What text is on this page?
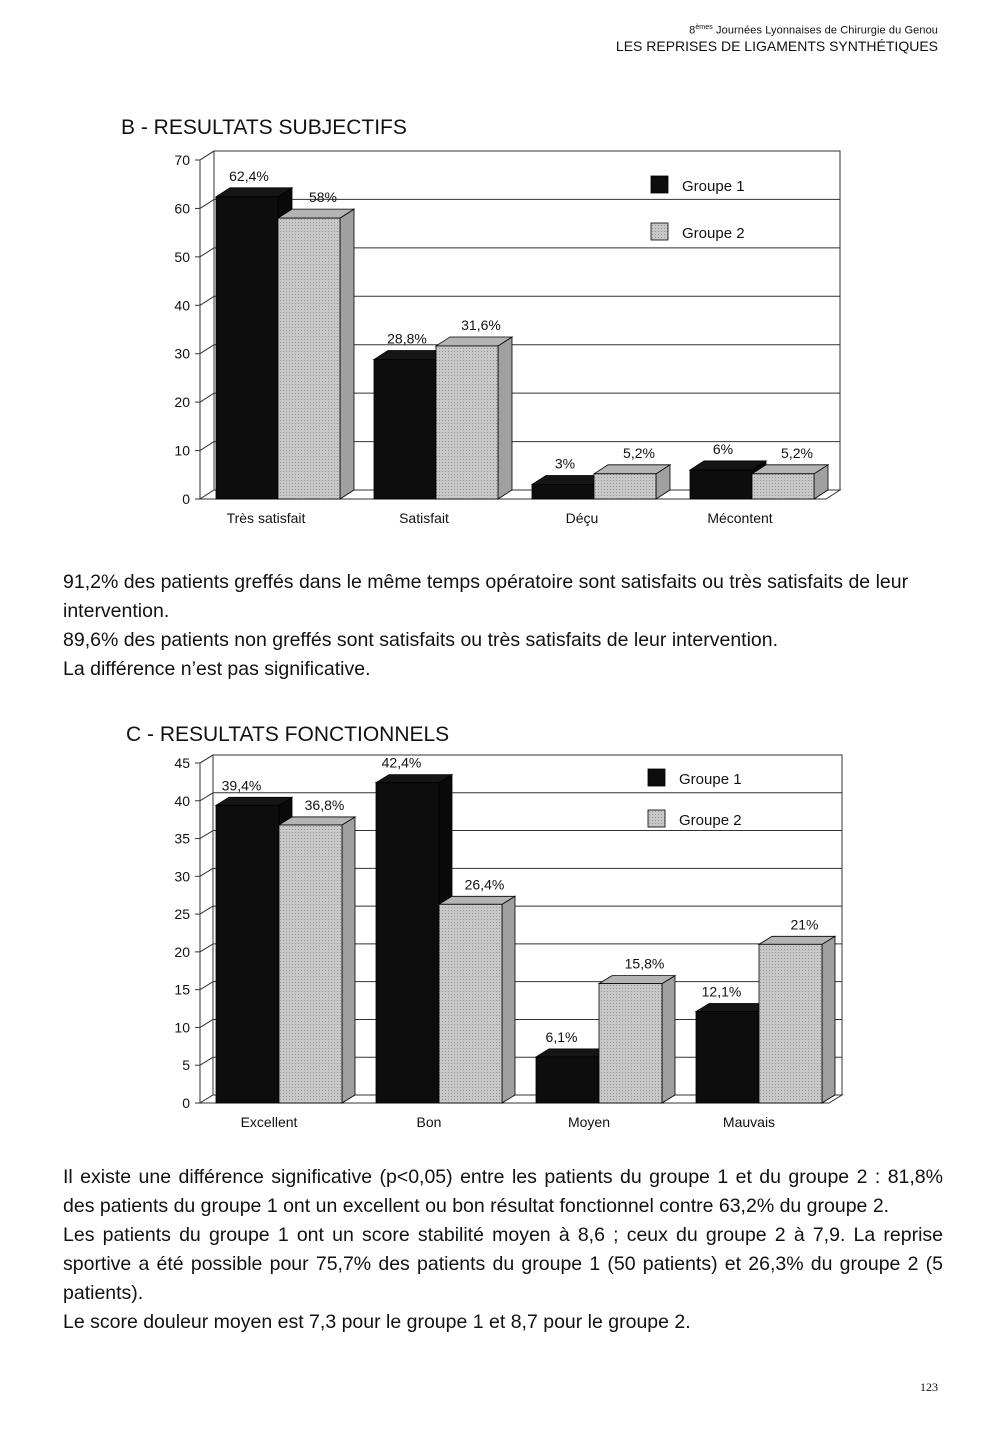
8èmes Journées Lyonnaises de Chirurgie du Genou
LES REPRISES DE LIGAMENTS SYNTHÉTIQUES
B - RESULTATS SUBJECTIFS
0
10
20
30
40
50
60
70
62,4%
58%
Très satisfait
28,8%
31,6%
Satisfait
3%
5,2%
Déçu
6%	5,2%
Mécontent
Groupe 1
Groupe 2

91,2% des patients greffés dans le même temps opératoire sont satisfaits ou très satisfaits de leur intervention.

89,6% des patients non greffés sont satisfaits ou très satisfaits de leur intervention.

La différence n’est pas significative.

C - RESULTATS FONCTIONNELS
0
5
10
15
20
25
30
35
40
45
39,4%
36,8%
Excellent
42,4%
26,4%
Bon
6,1%
15,8%
Moyen
12,1%
21%
Mauvais
Groupe 1
Groupe 2

Il existe une différence significative (p<0,05) entre les patients du groupe 1 et du groupe 2 : 81,8% des patients du groupe 1 ont un excellent ou bon résultat fonctionnel contre 63,2% du groupe 2.

Les patients du groupe 1 ont un score stabilité moyen à 8,6 ; ceux du groupe 2 à 7,9. La reprise sportive a été possible pour 75,7% des patients du groupe 1 (50 patients) et 26,3% du groupe 2 (5 patients).

Le score douleur moyen est 7,3 pour le groupe 1 et 8,7 pour le groupe 2.

123
